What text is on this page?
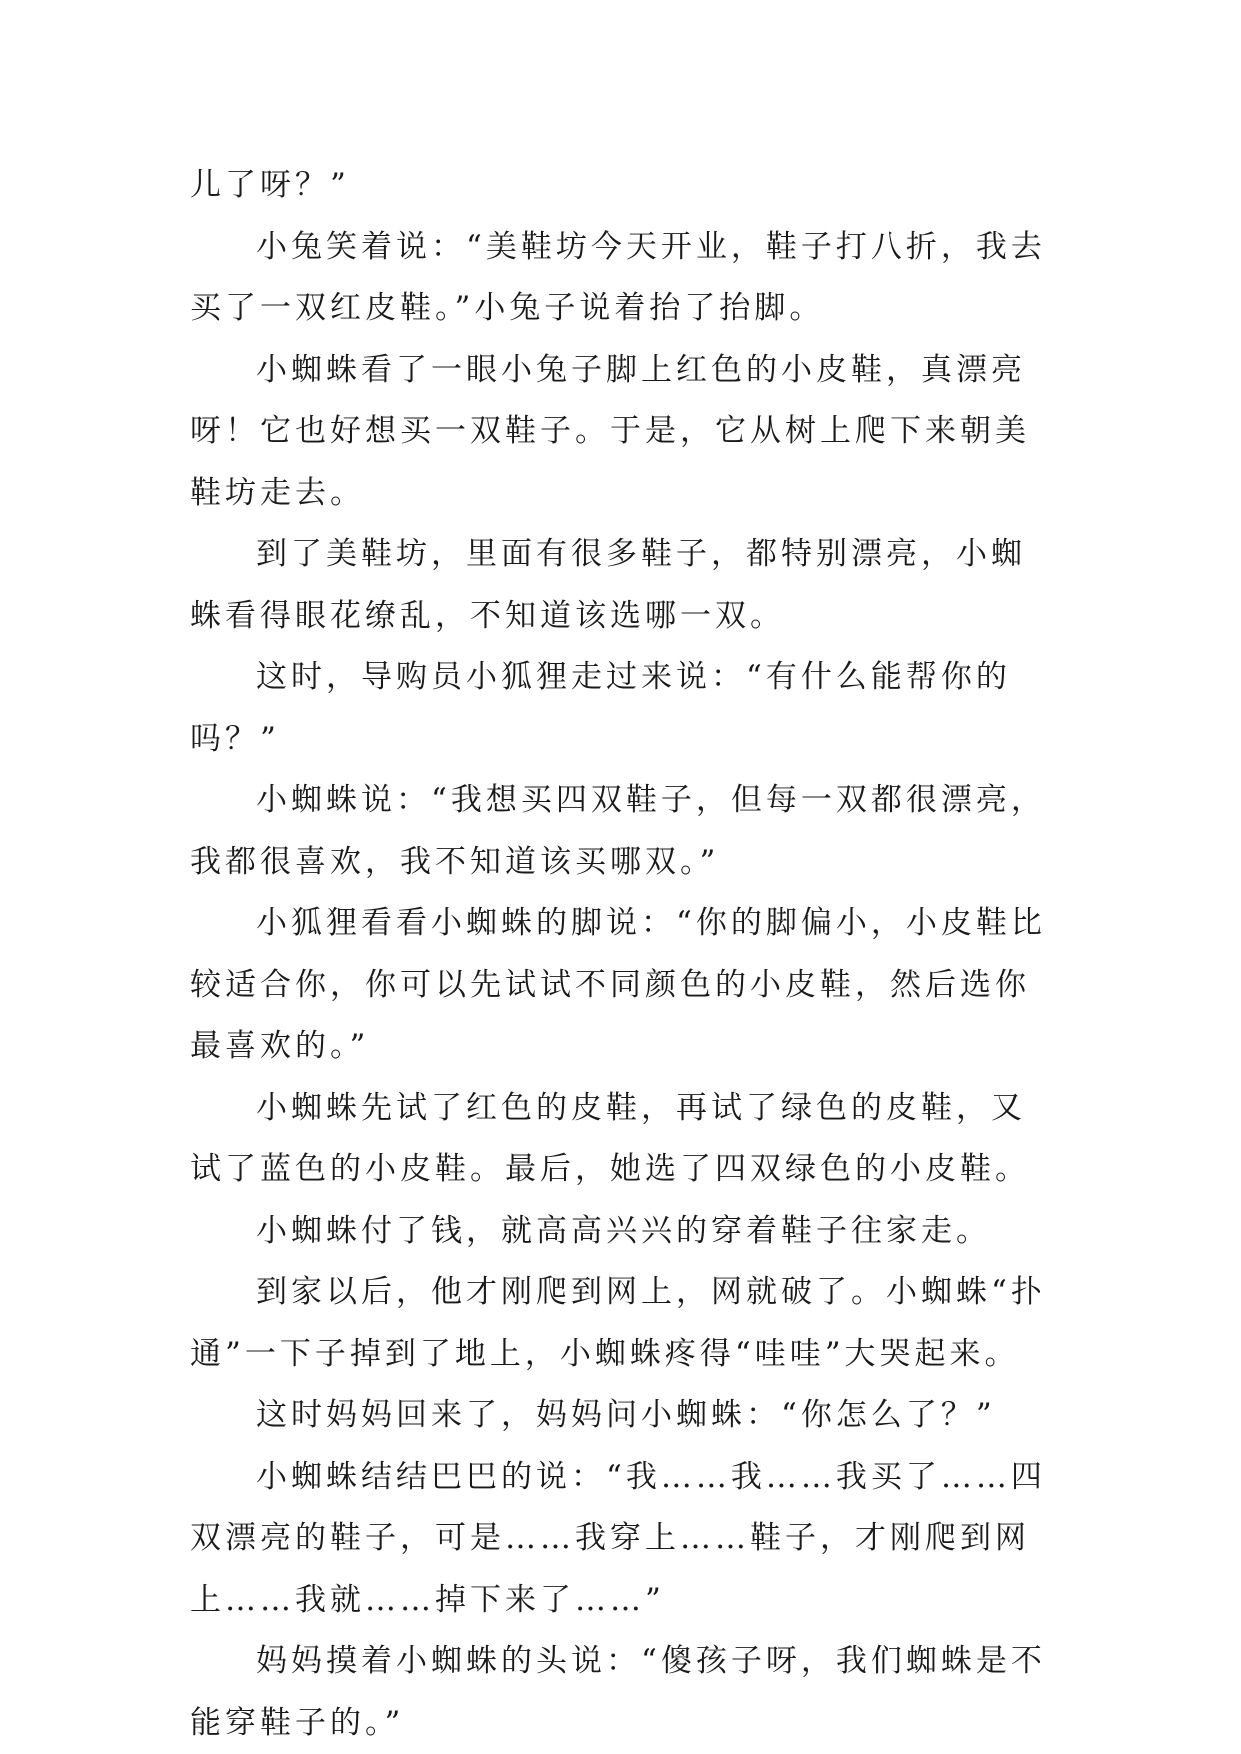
儿了呀？”

小兔笑着说：“美鞋坊今天开业，鞋子打八折，我去买了一双红皮鞋。”小兔子说着抬了抬脚。

小蜘蛛看了一眼小兔子脚上红色的小皮鞋，真漂亮呀！它也好想买一双鞋子。于是，它从树上爬下来朝美鞋坊走去。

到了美鞋坊，里面有很多鞋子，都特别漂亮，小蜘蛛看得眼花缭乱，不知道该选哪一双。

这时，导购员小狐狸走过来说：“有什么能帮你的吗？”

小蜘蛛说：“我想买四双鞋子，但每一双都很漂亮，我都很喜欢，我不知道该买哪双。”

小狐狸看看小蜘蛛的脚说：“你的脚偏小，小皮鞋比较适合你，你可以先试试不同颜色的小皮鞋，然后选你最喜欢的。”

小蜘蛛先试了红色的皮鞋，再试了绿色的皮鞋，又试了蓝色的小皮鞋。最后，她选了四双绿色的小皮鞋。

小蜘蛛付了钱，就高高兴兴的穿着鞋子往家走。

到家以后，他才刚爬到网上，网就破了。小蜘蛛“扑通”一下子掉到了地上，小蜘蛛疼得“哇哇”大哭起来。

这时妈妈回来了，妈妈问小蜘蛛：“你怎么了？”

小蜘蛛结结巴巴的说：“我……我……我买了……四双漂亮的鞋子，可是……我穿上……鞋子，才刚爬到网上……我就……掉下来了……”

妈妈摸着小蜘蛛的头说：“傻孩子呀，我们蜘蛛是不能穿鞋子的。”
